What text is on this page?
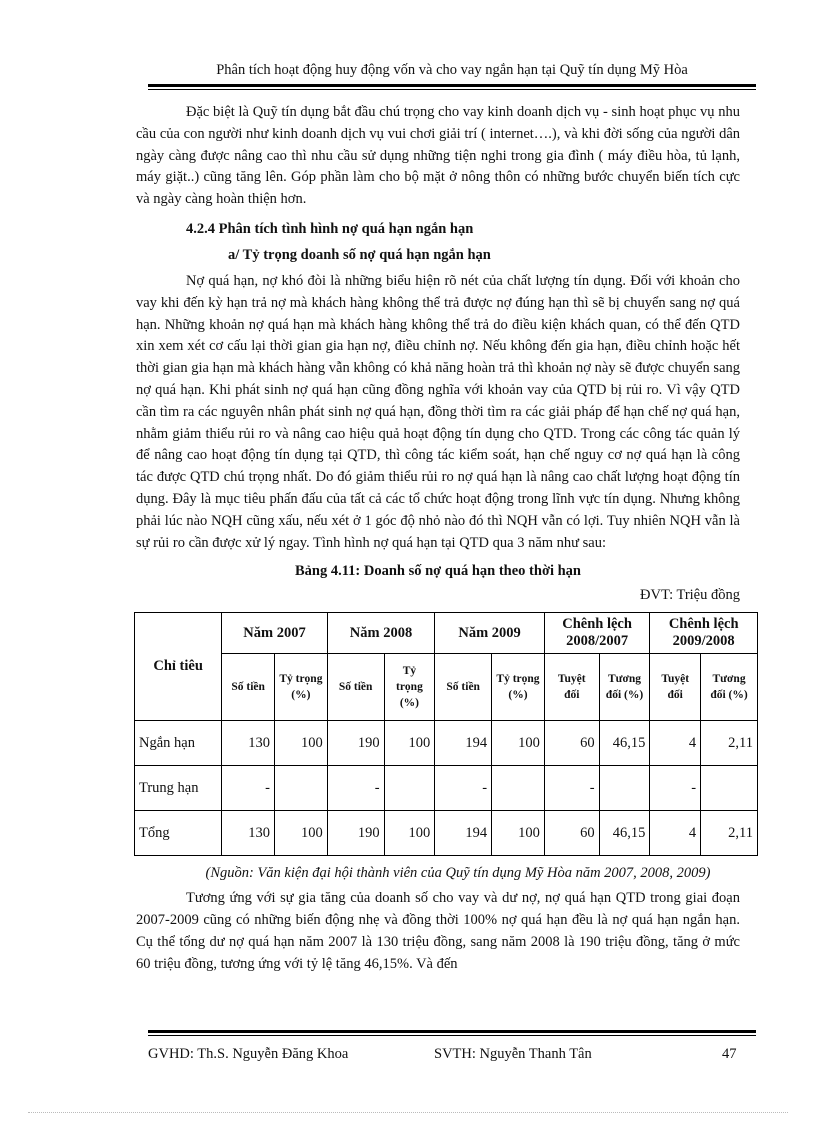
Phân tích hoạt động huy động vốn và cho vay ngắn hạn tại Quỹ tín dụng Mỹ Hòa

Đặc biệt là Quỹ tín dụng bắt đầu chú trọng cho vay kinh doanh dịch vụ - sinh hoạt phục vụ nhu cầu của con người như kinh doanh dịch vụ vui chơi giải trí ( internet….), và khi đời sống của người dân ngày càng được nâng cao thì nhu cầu sử dụng những tiện nghi trong gia đình ( máy điều hòa, tủ lạnh, máy giặt..) cũng tăng lên. Góp phần làm cho bộ mặt ở nông thôn có những bước chuyển biến tích cực và ngày càng hoàn thiện hơn.

4.2.4 Phân tích tình hình nợ quá hạn ngắn hạn
a/ Tỷ trọng doanh số nợ quá hạn ngắn hạn

Nợ quá hạn, nợ khó đòi là những biểu hiện rõ nét của chất lượng tín dụng. Đối với khoản cho vay khi đến kỳ hạn trả nợ mà khách hàng không thể trả được nợ đúng hạn thì sẽ bị chuyển sang nợ quá hạn. Những khoản nợ quá hạn mà khách hàng không thể trả do điều kiện khách quan, có thể đến QTD xin xem xét cơ cấu lại thời gian gia hạn nợ, điều chỉnh nợ. Nếu không đến gia hạn, điều chỉnh hoặc hết thời gian gia hạn mà khách hàng vẫn không có khả năng hoàn trả thì khoản nợ này sẽ được chuyển sang nợ quá hạn. Khi phát sinh nợ quá hạn cũng đồng nghĩa với khoản vay của QTD bị rủi ro. Vì vậy QTD cần tìm ra các nguyên nhân phát sinh nợ quá hạn, đồng thời tìm ra các giải pháp để hạn chế nợ quá hạn, nhằm giảm thiểu rủi ro và nâng cao hiệu quả hoạt động tín dụng cho QTD. Trong các công tác quản lý để nâng cao hoạt động tín dụng tại QTD, thì công tác kiểm soát, hạn chế nguy cơ nợ quá hạn là công tác được QTD chú trọng nhất. Do đó giảm thiểu rủi ro nợ quá hạn là nâng cao chất lượng hoạt động tín dụng. Đây là mục tiêu phấn đấu của tất cả các tổ chức hoạt động trong lĩnh vực tín dụng. Nhưng không phải lúc nào NQH cũng xấu, nếu xét ở 1 góc độ nhỏ nào đó thì NQH vẫn có lợi. Tuy nhiên NQH vẫn là sự rủi ro cần được xử lý ngay. Tình hình nợ quá hạn tại QTD qua 3 năm như sau:

Bảng 4.11: Doanh số nợ quá hạn theo thời hạn
ĐVT: Triệu đồng
Chỉ tiêu	Năm 2007		Năm 2008		Năm 2009		Chênh lệch 2008/2007		Chênh lệch 2009/2008	
	Số tiền	Tỷ trọng (%)	Số tiền	Tỷ trọng (%)	Số tiền	Tỷ trọng (%)	Tuyệt đối	Tương đối (%)	Tuyệt đối	Tương đối (%)
Ngắn hạn	130	100	190	100	194	100	60	46,15	4	2,11
Trung hạn	-		-		-		-		-	
Tổng	130	100	190	100	194	100	60	46,15	4	2,11
(Nguồn: Văn kiện đại hội thành viên của Quỹ tín dụng Mỹ Hòa năm 2007, 2008, 2009)

Tương ứng với sự gia tăng của doanh số cho vay và dư nợ, nợ quá hạn QTD trong giai đoạn 2007-2009 cũng có những biến động nhẹ và đồng thời 100% nợ quá hạn đều là nợ quá hạn ngắn hạn. Cụ thể tổng dư nợ quá hạn năm 2007 là 130 triệu đồng, sang năm 2008 là 190 triệu đồng, tăng ở mức 60 triệu đồng, tương ứng với tỷ lệ tăng 46,15%. Và đến

GVHD: Th.S. Nguyễn Đăng Khoa	SVTH: Nguyễn Thanh Tân	47
